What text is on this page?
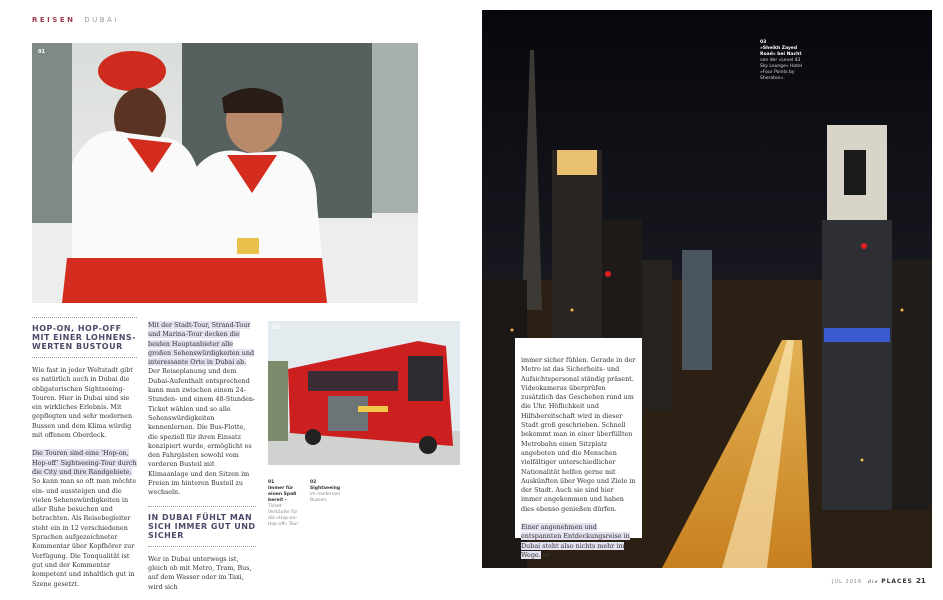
REISEN DUBAI
01
HOP-ON, HOP-OFF MIT EINER LOHNENS-WERTEN BUSTOUR
Wie fast in jeder Weltstadt gibt es natürlich auch in Dubai die obligatorischen Sightseeing-Touren. Hier in Dubai sind sie ein wirkliches Erlebnis. Mit gepflegten und sehr modernen Bussen und dem Klima würdig mit offenem Oberdeck.
Die Touren sind eine ‘Hop-on, Hop-off’ Sightseeing-Tour durch die City und ihre Randgebiete. So kann man so oft man möchte ein- und aussteigen und die vielen Sehenswürdigkeiten in aller Ruhe besuchen und betrachten. Als Reisebegleiter steht ein in 12 verschiedenen Sprachen aufgezeichneter Kommentar über Kopfhörer zur Verfügung. Die Tonqualität ist gut und der Kommentar kompetent und inhaltlich gut in Szene gesetzt.
Mit der Stadt-Tour, Strand-Tour und Marina-Tour decken die beiden Hauptanbieter alle großen Sehenswürdigkeiten und interessante Orte in Dubai ab. Der Reiseplanung und dem Dubai-Aufenthalt entsprechend kann man zwischen einem 24-Stunden- und einem 48-Stunden-Ticket wählen und so alle Sehenswürdigkeiten kennenlernen. Die Bus-Flotte, die speziell für ihren Einsatz konzipiert wurde, ermöglicht es den Fahrgästen sowohl vom vorderen Busteil mit Klimaanlage und den Sitzen im Freien im hinteren Busteil zu wechseln.
IN DUBAI FÜHLT MAN SICH IMMER GUT UND SICHER
Wer in Dubai unterwegs ist, gleich ob mit Metro, Tram, Bus, auf dem Wasser oder im Taxi, wird sich
02
01
Immer für einen Spaß bereit –
Ticket-Verkäufer für die »Hop-on-Hop-off« Tour
02
Sightseeing
im modernen Bussen.
03
»Sheikh Zayed Road« bei Nacht
von der »Level 43 Sky Lounge« Hotel »Four Points by Sheraton«.
immer sicher fühlen. Gerade in der Metro ist das Sicherheits- und Aufsichtspersonal ständig präsent. Videokameras überprüfen zusätzlich das Geschehen rund um die Uhr. Höflichkeit und Hilfsbereitschaft wird in dieser Stadt groß geschrieben. Schnell bekommt man in einer überfüllten Metrobahn einen Sitzplatz angeboten und die Menschen vielfältiger unterschiedlicher Nationalität helfen gerne mit Auskünften über Wege und Ziele in der Stadt. Auch sie sind hier immer angekommen und haben dies ebenso genießen dürfen.
Einer angenehmen und entspannten Entdeckungsreise in Dubai steht also nichts mehr im Wege. MP
JUL 2016 die PLACES 21
